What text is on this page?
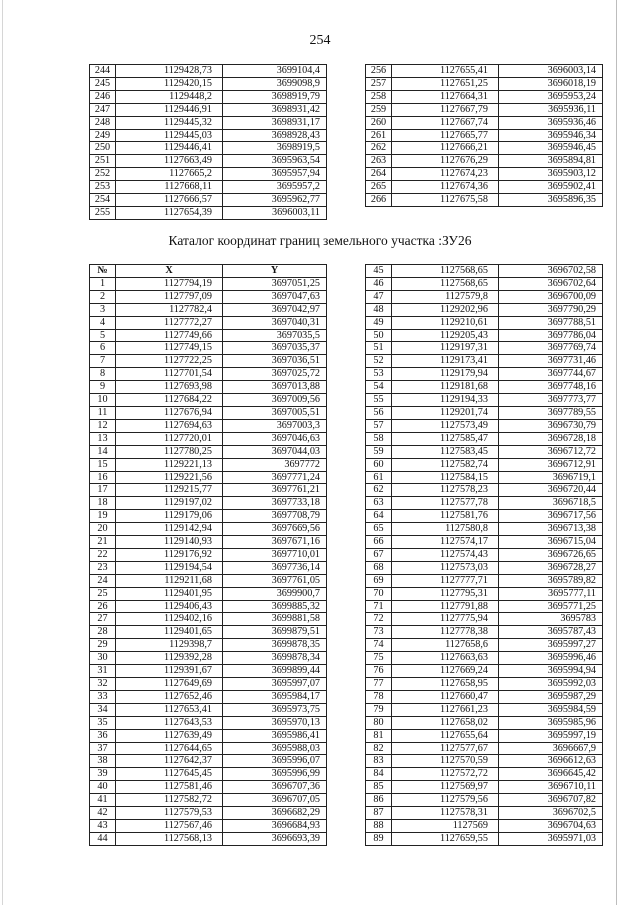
254
244	1129428,73	3699104,4
245	1129420,15	3699098,9
246	1129448,2	3698919,79
247	1129446,91	3698931,42
248	1129445,32	3698931,17
249	1129445,03	3698928,43
250	1129446,41	3698919,5
251	1127663,49	3695963,54
252	1127665,2	3695957,94
253	1127668,11	3695957,2
254	1127666,57	3695962,77
255	1127654,39	3696003,11
256	1127655,41	3696003,14
257	1127651,25	3696018,19
258	1127664,31	3695953,24
259	1127667,79	3695936,11
260	1127667,74	3695936,46
261	1127665,77	3695946,34
262	1127666,21	3695946,45
263	1127676,29	3695894,81
264	1127674,23	3695903,12
265	1127674,36	3695902,41
266	1127675,58	3695896,35
Каталог координат границ земельного участка :ЗУ26
№	X	Y
1	1127794,19	3697051,25
2	1127797,09	3697047,63
3	1127782,4	3697042,97
4	1127772,27	3697040,31
5	1127749,66	3697035,5
6	1127749,15	3697035,37
7	1127722,25	3697036,51
8	1127701,54	3697025,72
9	1127693,98	3697013,88
10	1127684,22	3697009,56
11	1127676,94	3697005,51
12	1127694,63	3697003,3
13	1127720,01	3697046,63
14	1127780,25	3697044,03
15	1129221,13	3697772
16	1129221,56	3697771,24
17	1129215,77	3697761,21
18	1129197,02	3697733,18
19	1129179,06	3697708,79
20	1129142,94	3697669,56
21	1129140,93	3697671,16
22	1129176,92	3697710,01
23	1129194,54	3697736,14
24	1129211,68	3697761,05
25	1129401,95	3699900,7
26	1129406,43	3699885,32
27	1129402,16	3699881,58
28	1129401,65	3699879,51
29	1129398,7	3699878,35
30	1129392,28	3699878,34
31	1129391,67	3699899,44
32	1127649,69	3695997,07
33	1127652,46	3695984,17
34	1127653,41	3695973,75
35	1127643,53	3695970,13
36	1127639,49	3695986,41
37	1127644,65	3695988,03
38	1127642,37	3695996,07
39	1127645,45	3695996,99
40	1127581,46	3696707,36
41	1127582,72	3696707,05
42	1127579,53	3696682,29
43	1127567,46	3696684,93
44	1127568,13	3696693,39
45	1127568,65	3696702,58
46	1127568,65	3696702,64
47	1127579,8	3696700,09
48	1129202,96	3697790,29
49	1129210,61	3697788,51
50	1129205,43	3697786,04
51	1129197,31	3697769,74
52	1129173,41	3697731,46
53	1129179,94	3697744,67
54	1129181,68	3697748,16
55	1129194,33	3697773,77
56	1129201,74	3697789,55
57	1127573,49	3696730,79
58	1127585,47	3696728,18
59	1127583,45	3696712,72
60	1127582,74	3696712,91
61	1127584,15	3696719,1
62	1127578,23	3696720,44
63	1127577,78	3696718,5
64	1127581,76	3696717,56
65	1127580,8	3696713,38
66	1127574,17	3696715,04
67	1127574,43	3696726,65
68	1127573,03	3696728,27
69	1127777,71	3695789,82
70	1127795,31	3695777,11
71	1127791,88	3695771,25
72	1127775,94	3695783
73	1127778,38	3695787,43
74	1127658,6	3695997,27
75	1127663,63	3695996,46
76	1127669,24	3695994,94
77	1127658,95	3695992,03
78	1127660,47	3695987,29
79	1127661,23	3695984,59
80	1127658,02	3695985,96
81	1127655,64	3695997,19
82	1127577,67	3696667,9
83	1127570,59	3696612,63
84	1127572,72	3696645,42
85	1127569,97	3696710,11
86	1127579,56	3696707,82
87	1127578,31	3696702,5
88	1127569	3696704,63
89	1127659,55	3695971,03
